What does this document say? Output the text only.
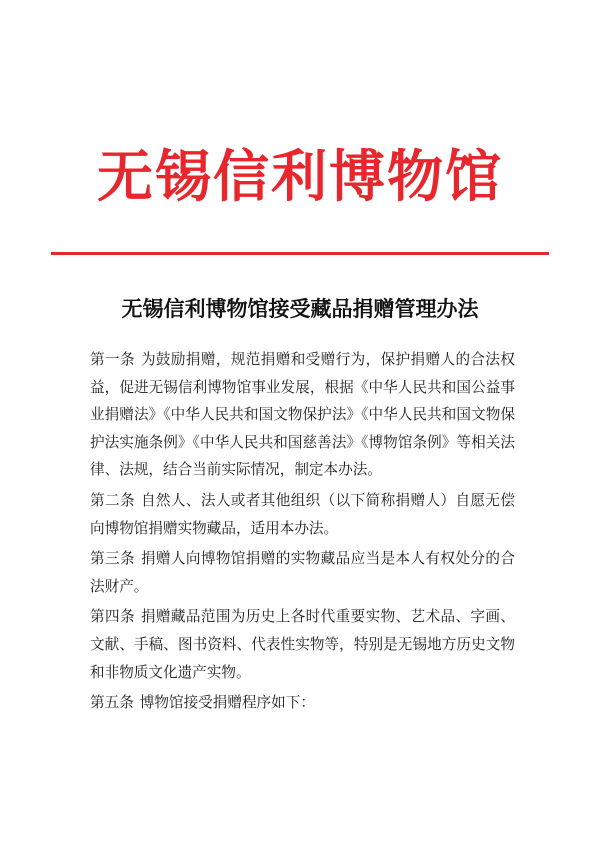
无锡信利博物馆
无锡信利博物馆接受藏品捐赠管理办法

第一条 为鼓励捐赠，规范捐赠和受赠行为，保护捐赠人的合法权益，促进无锡信利博物馆事业发展，根据《中华人民共和国公益事业捐赠法》《中华人民共和国文物保护法》《中华人民共和国文物保护法实施条例》《中华人民共和国慈善法》《博物馆条例》等相关法律、法规，结合当前实际情况，制定本办法。

第二条 自然人、法人或者其他组织（以下简称捐赠人）自愿无偿向博物馆捐赠实物藏品，适用本办法。

第三条 捐赠人向博物馆捐赠的实物藏品应当是本人有权处分的合法财产。

第四条 捐赠藏品范围为历史上各时代重要实物、艺术品、字画、文献、手稿、图书资料、代表性实物等，特别是无锡地方历史文物和非物质文化遗产实物。

第五条 博物馆接受捐赠程序如下：
